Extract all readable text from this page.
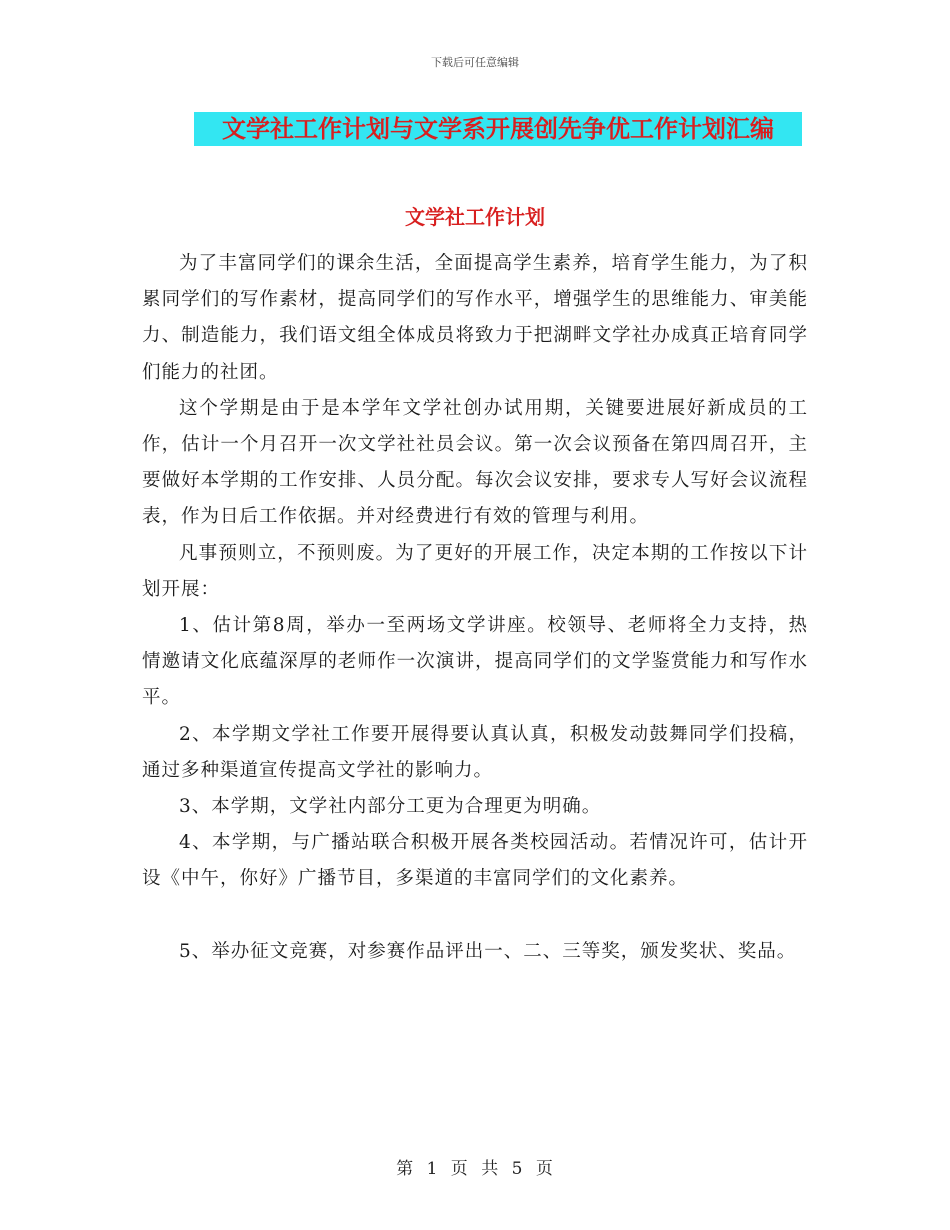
下载后可任意编辑
文学社工作计划与文学系开展创先争优工作计划汇编
文学社工作计划

为了丰富同学们的课余生活，全面提高学生素养，培育学生能力，为了积累同学们的写作素材，提高同学们的写作水平，增强学生的思维能力、审美能力、制造能力，我们语文组全体成员将致力于把湖畔文学社办成真正培育同学们能力的社团。

这个学期是由于是本学年文学社创办试用期，关键要进展好新成员的工作，估计一个月召开一次文学社社员会议。第一次会议预备在第四周召开，主要做好本学期的工作安排、人员分配。每次会议安排，要求专人写好会议流程表，作为日后工作依据。并对经费进行有效的管理与利用。

凡事预则立，不预则废。为了更好的开展工作，决定本期的工作按以下计划开展：

1、估计第8周，举办一至两场文学讲座。校领导、老师将全力支持，热情邀请文化底蕴深厚的老师作一次演讲，提高同学们的文学鉴赏能力和写作水平。

2、本学期文学社工作要开展得要认真认真，积极发动鼓舞同学们投稿，通过多种渠道宣传提高文学社的影响力。

3、本学期，文学社内部分工更为合理更为明确。

4、本学期，与广播站联合积极开展各类校园活动。若情况许可，估计开设《中午，你好》广播节目，多渠道的丰富同学们的文化素养。

5、举办征文竞赛，对参赛作品评出一、二、三等奖，颁发奖状、奖品。

第 1 页 共 5 页
